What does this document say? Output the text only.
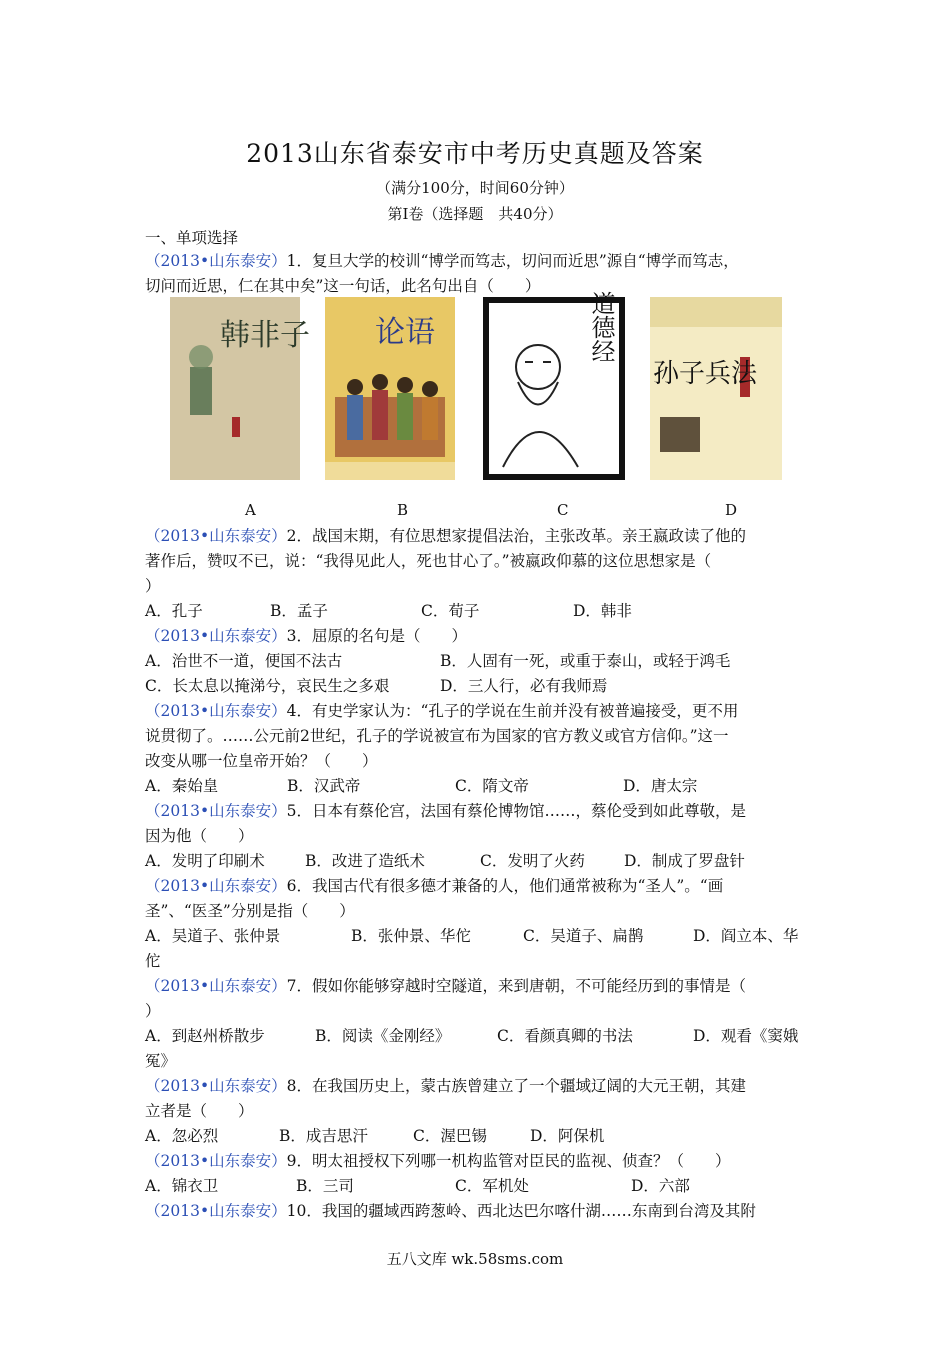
2013山东省泰安市中考历史真题及答案
（满分100分，时间60分钟）
第Ⅰ卷（选择题　共40分）
一、单项选择
（2013•山东泰安）1．复旦大学的校训“博学而笃志，切问而近思”源自“博学而笃志，
切问而近思，仁在其中矣”这一句话，此名句出自（　　）
韩非子 论语	道德经
孙子兵法
A	B	C	D
（2013•山东泰安）2．战国末期，有位思想家提倡法治，主张改革。亲王嬴政读了他的
著作后，赞叹不已，说：“我得见此人，死也甘心了。”被嬴政仰慕的这位思想家是（
）
A．孔子	B．孟子	C．荀子	D．韩非
（2013•山东泰安）3．屈原的名句是（　　）
A．治世不一道，便国不法古	B．人固有一死，或重于泰山，或轻于鸿毛
C．长太息以掩涕兮，哀民生之多艰	D．三人行，必有我师焉
（2013•山东泰安）4．有史学家认为：“孔子的学说在生前并没有被普遍接受，更不用
说贯彻了。……公元前2世纪，孔子的学说被宣布为国家的官方教义或官方信仰。”这一
改变从哪一位皇帝开始？（　　）
A．秦始皇	B．汉武帝	C．隋文帝	D．唐太宗
（2013•山东泰安）5．日本有蔡伦宫，法国有蔡伦博物馆……，蔡伦受到如此尊敬，是
因为他（　　）
A．发明了印刷术	B．改进了造纸术	C．发明了火药	D．制成了罗盘针
（2013•山东泰安）6．我国古代有很多德才兼备的人，他们通常被称为“圣人”。“画
圣”、“医圣”分别是指（　　）
A．吴道子、张仲景	B．张仲景、华佗	C．吴道子、扁鹊	D．阎立本、华
佗
（2013•山东泰安）7．假如你能够穿越时空隧道，来到唐朝，不可能经历到的事情是（
）
A．到赵州桥散步	B．阅读《金刚经》	C．看颜真卿的书法	D．观看《窦娥
冤》
（2013•山东泰安）8．在我国历史上，蒙古族曾建立了一个疆域辽阔的大元王朝，其建
立者是（　　）
A．忽必烈	B．成吉思汗	C．渥巴锡	D．阿保机
（2013•山东泰安）9．明太祖授权下列哪一机构监管对臣民的监视、侦查？（　　）
A．锦衣卫	B．三司	C．军机处	D．六部
（2013•山东泰安）10．我国的疆域西跨葱岭、西北达巴尔喀什湖……东南到台湾及其附
五八文库 wk.58sms.com
